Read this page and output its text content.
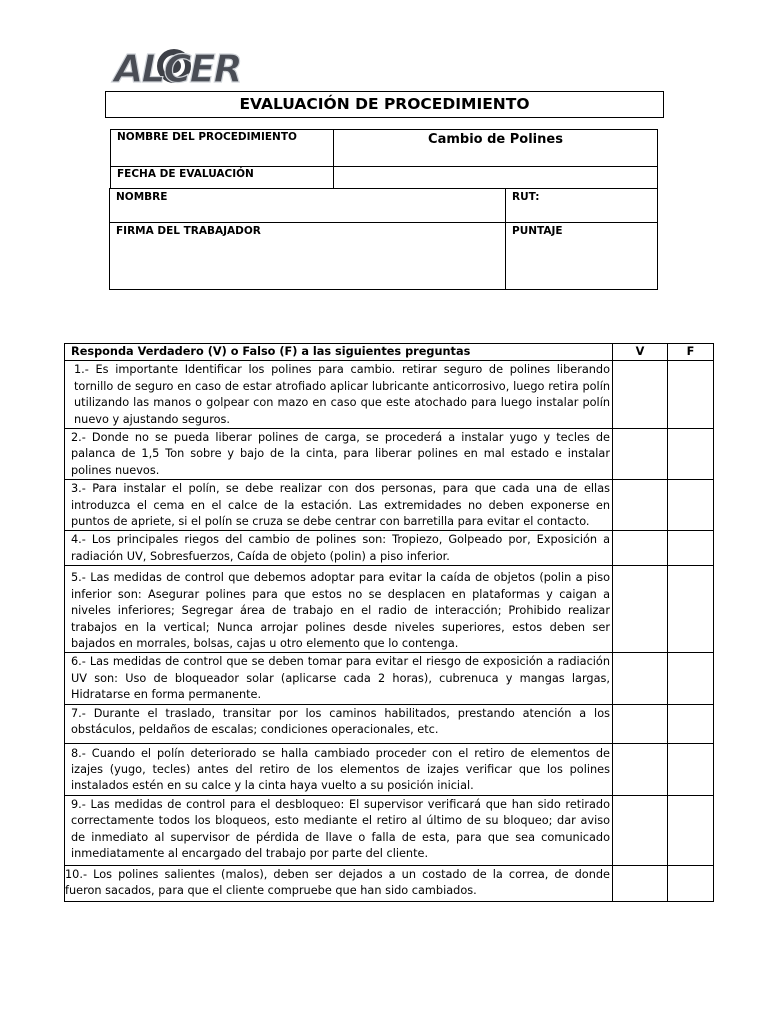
ALCER
EVALUACIÓN DE PROCEDIMIENTO
NOMBRE DEL PROCEDIMIENTO	Cambio de Polines
FECHA DE EVALUACIÓN	
NOMBRE	RUT:
FIRMA DEL TRABAJADOR	PUNTAJE
Responda Verdadero (V) o Falso (F) a las siguientes preguntas	V	F
1.- Es importante Identificar los polines para cambio. retirar seguro de polines liberando tornillo de seguro en caso de estar atrofiado aplicar lubricante anticorrosivo, luego retira polín utilizando las manos o golpear con mazo en caso que este atochado para luego instalar polín nuevo y ajustando seguros.		
2.- Donde no se pueda liberar polines de carga, se procederá a instalar yugo y tecles de palanca de 1,5 Ton sobre y bajo de la cinta, para liberar polines en mal estado e instalar polines nuevos.		
3.- Para instalar el polín, se debe realizar con dos personas, para que cada una de ellas introduzca el cema en el calce de la estación. Las extremidades no deben exponerse en puntos de apriete, si el polín se cruza se debe centrar con barretilla para evitar el contacto.		
4.- Los principales riegos del cambio de polines son: Tropiezo, Golpeado por, Exposición a radiación UV, Sobresfuerzos, Caída de objeto (polin) a piso inferior.		
5.- Las medidas de control que debemos adoptar para evitar la caída de objetos (polin a piso inferior son: Asegurar polines para que estos no se desplacen en plataformas y caigan a niveles inferiores; Segregar área de trabajo en el radio de interacción; Prohibido realizar trabajos en la vertical; Nunca arrojar polines desde niveles superiores, estos deben ser bajados en morrales, bolsas, cajas u otro elemento que lo contenga.		
6.- Las medidas de control que se deben tomar para evitar el riesgo de exposición a radiación UV son: Uso de bloqueador solar (aplicarse cada 2 horas), cubrenuca y mangas largas, Hidratarse en forma permanente.		
7.- Durante el traslado, transitar por los caminos habilitados, prestando atención a los obstáculos, peldaños de escalas; condiciones operacionales, etc.		
8.- Cuando el polín deteriorado se halla cambiado proceder con el retiro de elementos de izajes (yugo, tecles) antes del retiro de los elementos de izajes verificar que los polines instalados estén en su calce y la cinta haya vuelto a su posición inicial.		
9.- Las medidas de control para el desbloqueo: El supervisor verificará que han sido retirado correctamente todos los bloqueos, esto mediante el retiro al último de su bloqueo; dar aviso de inmediato al supervisor de pérdida de llave o falla de esta, para que sea comunicado inmediatamente al encargado del trabajo por parte del cliente.		
10.- Los polines salientes (malos), deben ser dejados a un costado de la correa, de donde fueron sacados, para que el cliente compruebe que han sido cambiados.		
